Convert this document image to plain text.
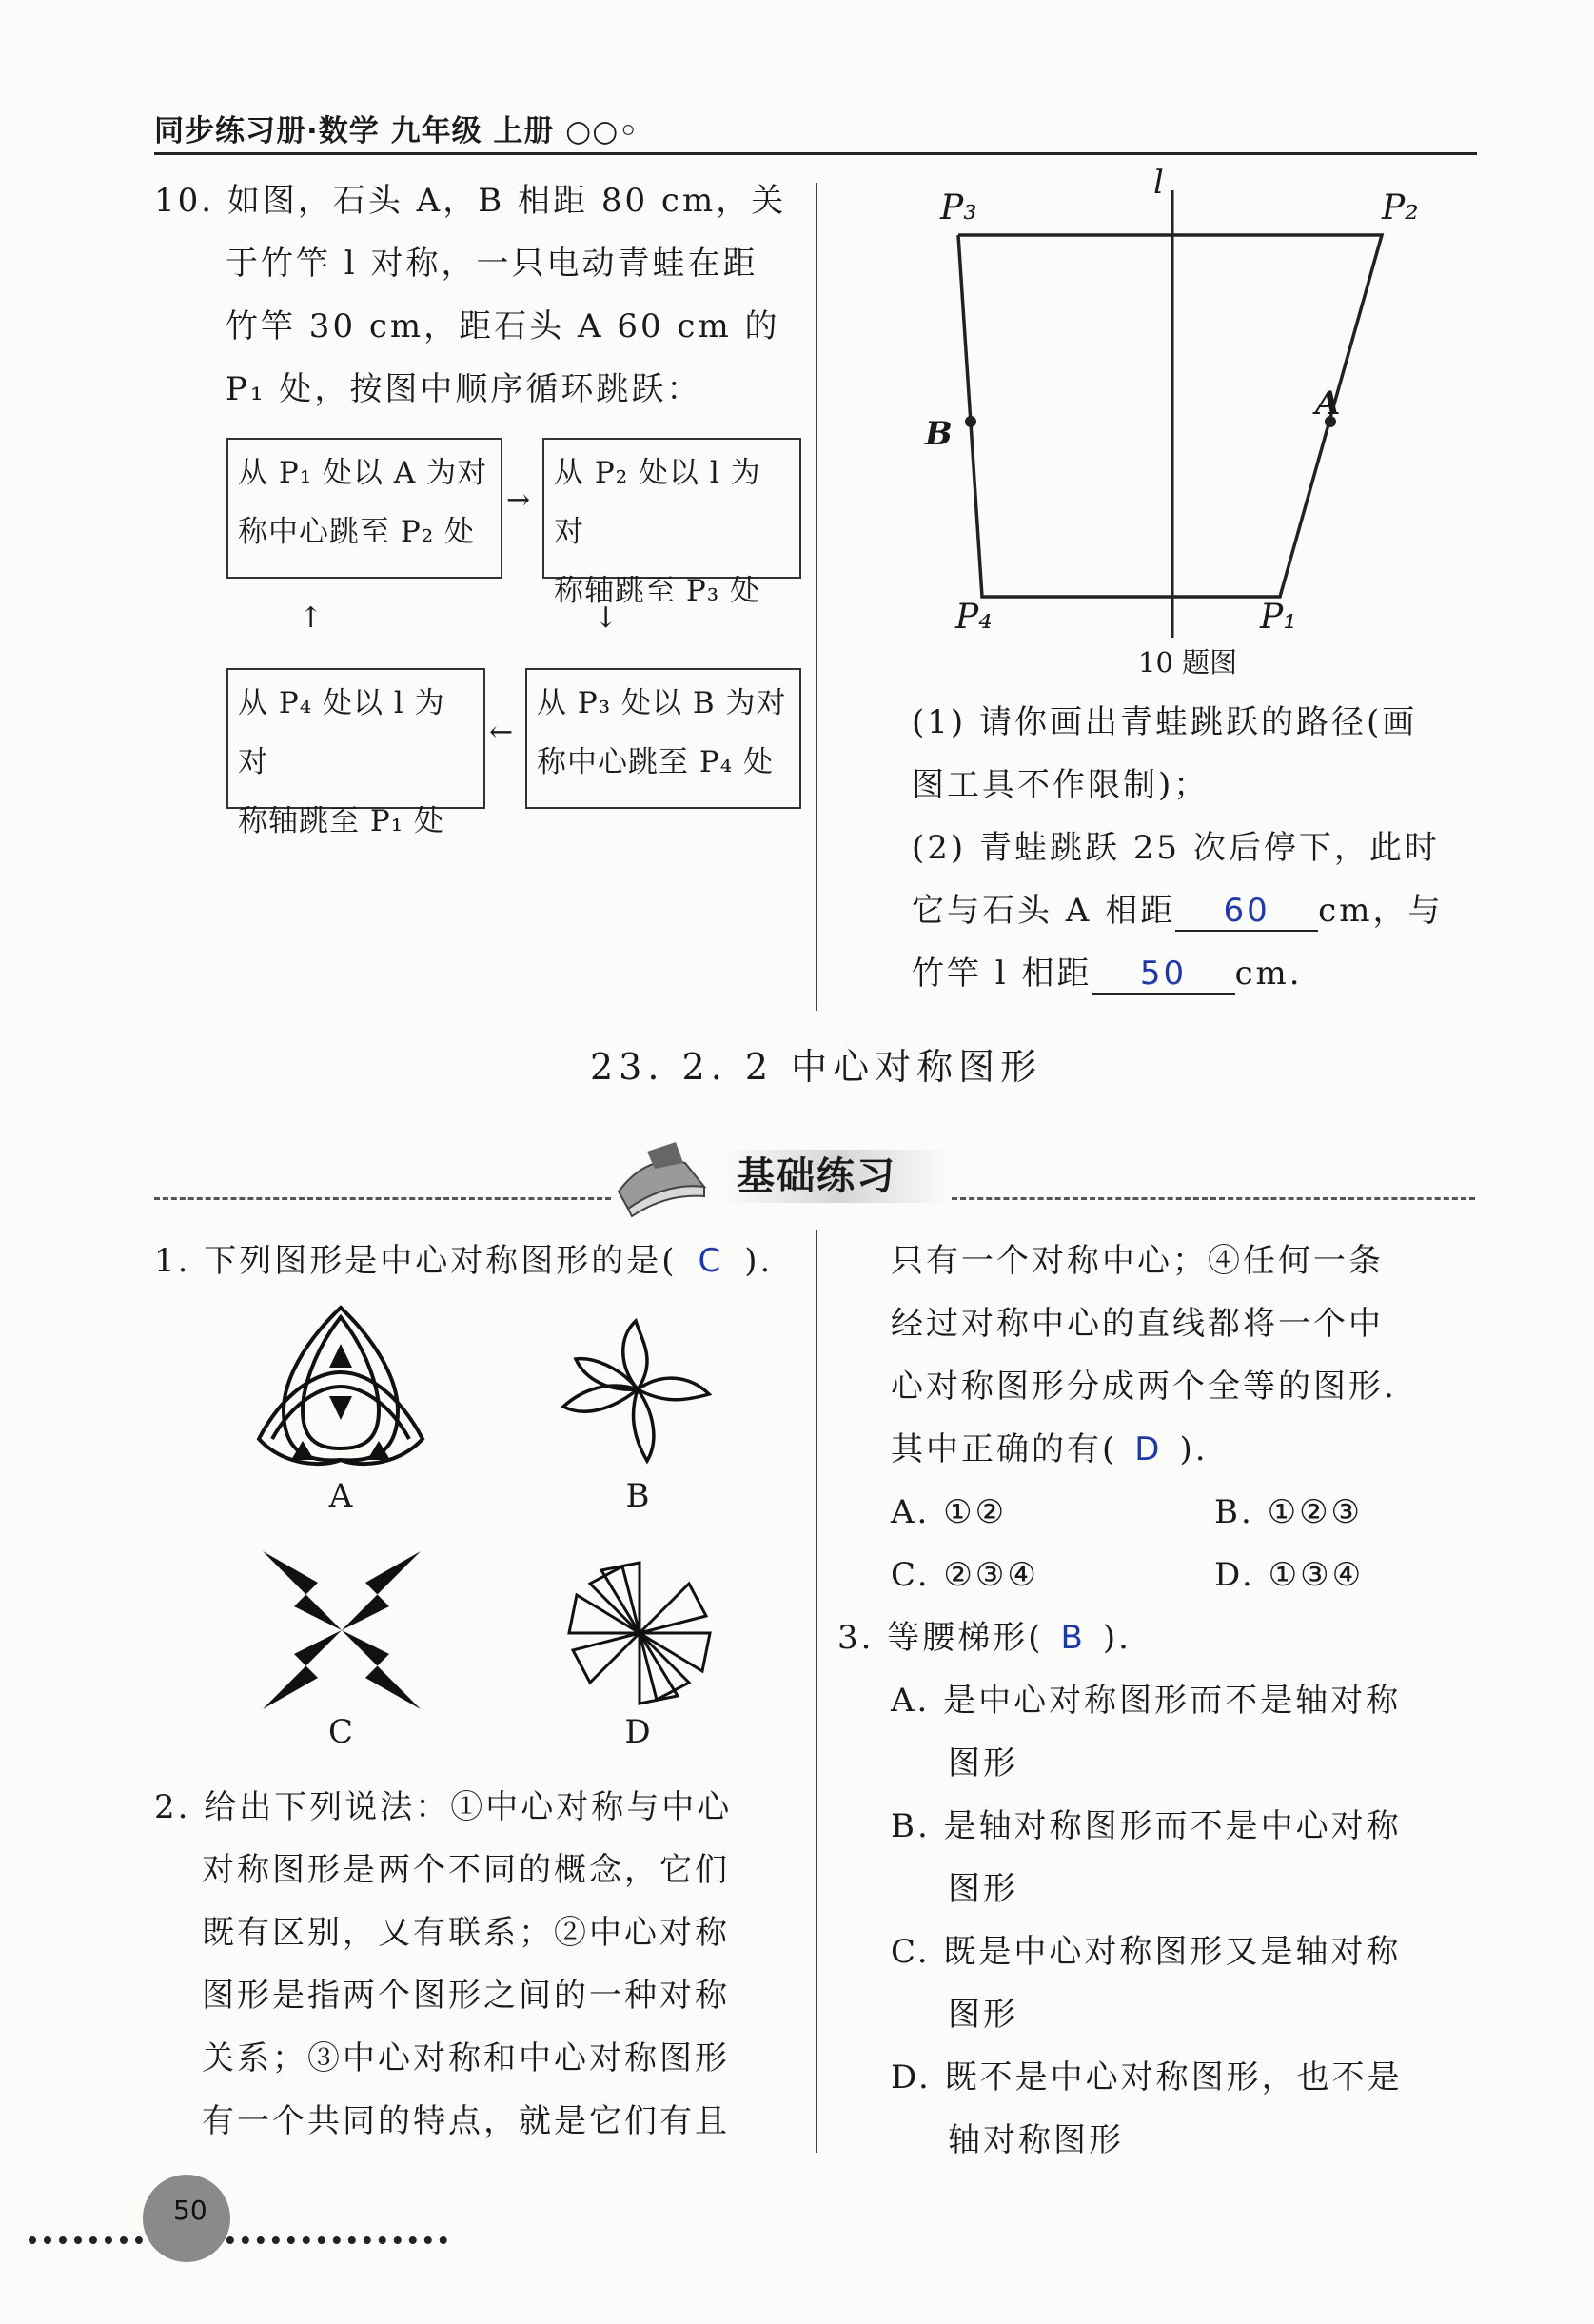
同步练习册·数学 九年级 上册 ○○◦
10. 如图，石头 A，B 相距 80 cm，关
于竹竿 l 对称，一只电动青蛙在距
竹竿 30 cm，距石头 A 60 cm 的
P₁ 处，按图中顺序循环跳跃：
从 P₁ 处以 A 为对
称中心跳至 P₂ 处
从 P₂ 处以 l 为对
称轴跳至 P₃ 处
从 P₃ 处以 B 为对
称中心跳至 P₄ 处
从 P₄ 处以 l 为对
称轴跳至 P₁ 处
→
↓
←
↑
l
P₃	P₂
B
A
P₄	P₁
10 题图
(1) 请你画出青蛙跳跃的路径(画
图工具不作限制)；
(2) 青蛙跳跃 25 次后停下，此时
它与石头 A 相距 60 cm，与
竹竿 l 相距 50 cm.
23. 2. 2 中心对称图形
基础练习
1. 下列图形是中心对称图形的是( C ).
A	B
C	D
2. 给出下列说法：①中心对称与中心
对称图形是两个不同的概念，它们
既有区别，又有联系；②中心对称
图形是指两个图形之间的一种对称
关系；③中心对称和中心对称图形
有一个共同的特点，就是它们有且
只有一个对称中心；④任何一条
经过对称中心的直线都将一个中
心对称图形分成两个全等的图形.
其中正确的有( D ).
A. ①②	B. ①②③
C. ②③④	D. ①③④
3. 等腰梯形( B ).
A. 是中心对称图形而不是轴对称
图形
B. 是轴对称图形而不是中心对称
图形
C. 既是中心对称图形又是轴对称
图形
D. 既不是中心对称图形，也不是
轴对称图形
50
